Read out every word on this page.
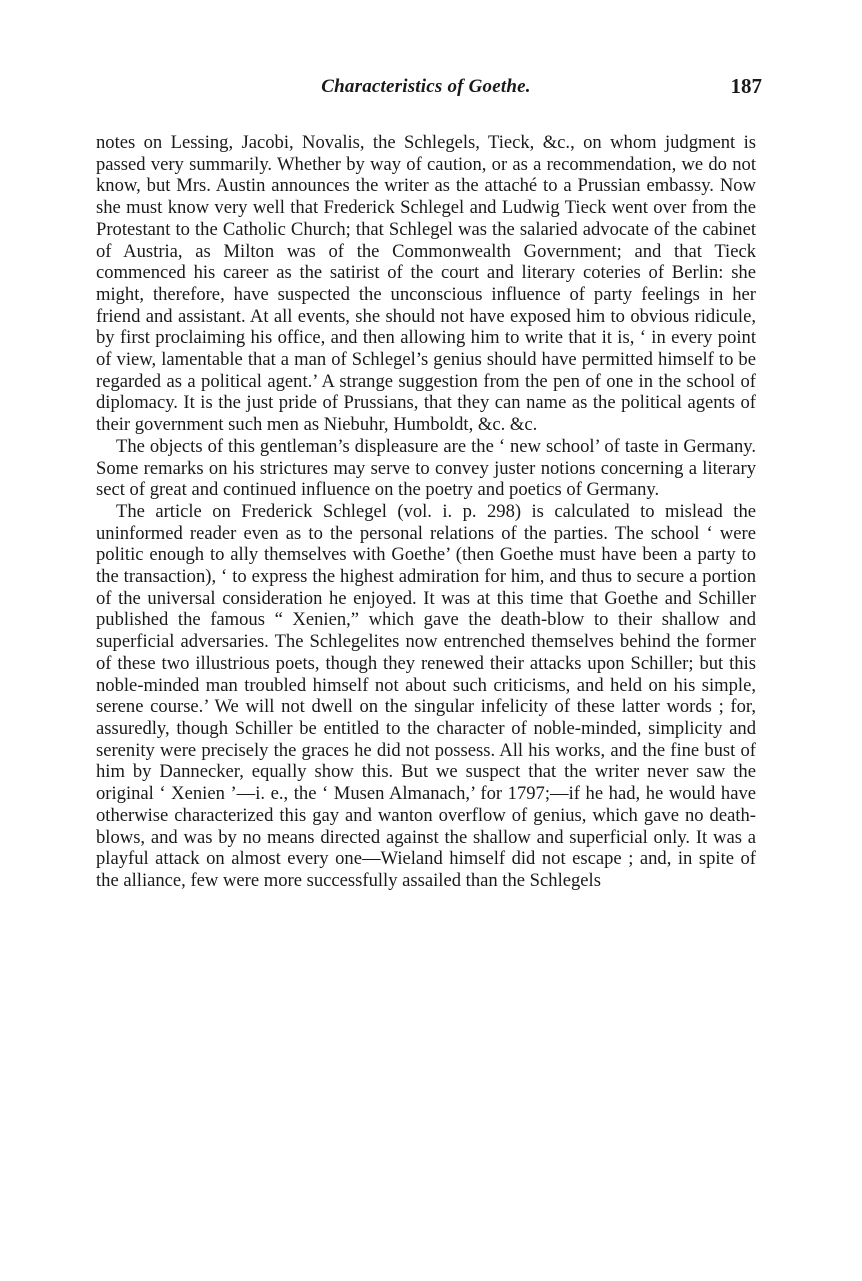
Characteristics of Goethe.	187

notes on Lessing, Jacobi, Novalis, the Schlegels, Tieck, &c., on whom judgment is passed very summarily. Whether by way of caution, or as a recommendation, we do not know, but Mrs. Austin announces the writer as the attaché to a Prussian embassy. Now she must know very well that Frederick Schlegel and Ludwig Tieck went over from the Protestant to the Catholic Church; that Schlegel was the salaried advocate of the cabinet of Austria, as Milton was of the Commonwealth Government; and that Tieck commenced his career as the satirist of the court and literary coteries of Berlin: she might, therefore, have suspected the unconscious influence of party feelings in her friend and assistant. At all events, she should not have exposed him to obvious ridicule, by first proclaiming his office, and then allowing him to write that it is, ‘ in every point of view, lamentable that a man of Schlegel’s genius should have permitted himself to be regarded as a political agent.’ A strange suggestion from the pen of one in the school of diplomacy. It is the just pride of Prussians, that they can name as the political agents of their government such men as Niebuhr, Humboldt, &c. &c.

The objects of this gentleman’s displeasure are the ‘ new school’ of taste in Germany. Some remarks on his strictures may serve to convey juster notions concerning a literary sect of great and continued influence on the poetry and poetics of Germany.

The article on Frederick Schlegel (vol. i. p. 298) is calculated to mislead the uninformed reader even as to the personal relations of the parties. The school ‘ were politic enough to ally themselves with Goethe’ (then Goethe must have been a party to the transaction), ‘ to express the highest admiration for him, and thus to secure a portion of the universal consideration he enjoyed. It was at this time that Goethe and Schiller published the famous “ Xenien,” which gave the death-blow to their shallow and superficial adversaries. The Schlegelites now entrenched themselves behind the former of these two illustrious poets, though they renewed their attacks upon Schiller; but this noble-minded man troubled himself not about such criticisms, and held on his simple, serene course.’ We will not dwell on the singular infelicity of these latter words ; for, assuredly, though Schiller be entitled to the character of noble-minded, simplicity and serenity were precisely the graces he did not possess. All his works, and the fine bust of him by Dannecker, equally show this. But we suspect that the writer never saw the original ‘ Xenien ’—i. e., the ‘ Musen Almanach,’ for 1797;—if he had, he would have otherwise characterized this gay and wanton overflow of genius, which gave no death-blows, and was by no means directed against the shallow and superficial only. It was a playful attack on almost every one—Wieland himself did not escape ; and, in spite of the alliance, few were more successfully assailed than the Schlegels
